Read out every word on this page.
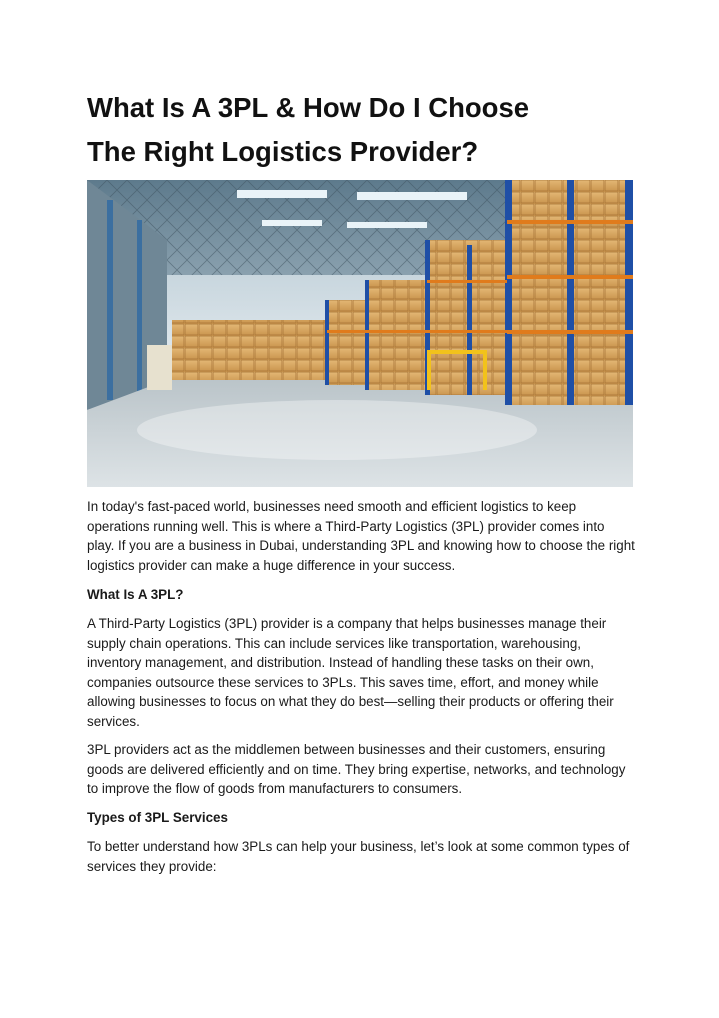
What Is A 3PL & How Do I Choose
The Right Logistics Provider?

In today's fast-paced world, businesses need smooth and efficient logistics to keep operations running well. This is where a Third-Party Logistics (3PL) provider comes into play. If you are a business in Dubai, understanding 3PL and knowing how to choose the right logistics provider can make a huge difference in your success.

What Is A 3PL?

A Third-Party Logistics (3PL) provider is a company that helps businesses manage their supply chain operations. This can include services like transportation, warehousing, inventory management, and distribution. Instead of handling these tasks on their own, companies outsource these services to 3PLs. This saves time, effort, and money while allowing businesses to focus on what they do best—selling their products or offering their services.

3PL providers act as the middlemen between businesses and their customers, ensuring goods are delivered efficiently and on time. They bring expertise, networks, and technology to improve the flow of goods from manufacturers to consumers.

Types of 3PL Services

To better understand how 3PLs can help your business, let’s look at some common types of services they provide:
